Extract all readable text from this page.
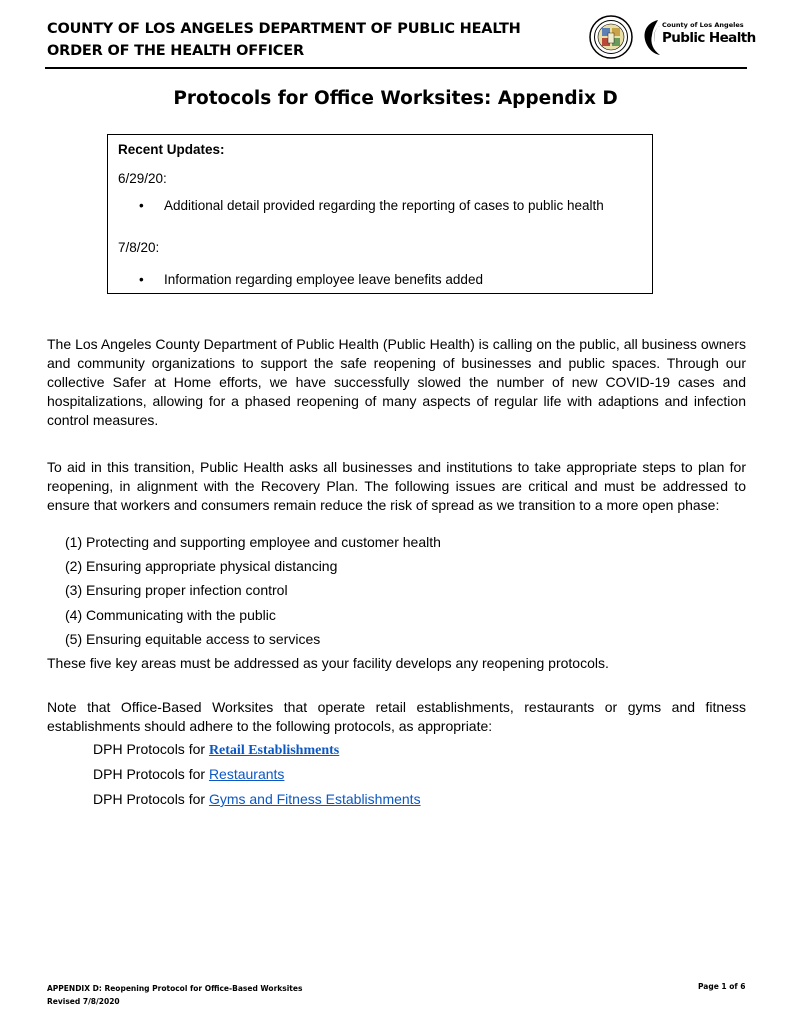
COUNTY OF LOS ANGELES DEPARTMENT OF PUBLIC HEALTH
ORDER OF THE HEALTH OFFICER
County of Los Angeles
Public Health
Protocols for Office Worksites: Appendix D
Recent Updates:
6/29/20:
• Additional detail provided regarding the reporting of cases to public health
7/8/20:
• Information regarding employee leave benefits added
The Los Angeles County Department of Public Health (Public Health) is calling on the public, all business owners and community organizations to support the safe reopening of businesses and public spaces. Through our collective Safer at Home efforts, we have successfully slowed the number of new COVID-19 cases and hospitalizations, allowing for a phased reopening of many aspects of regular life with adaptions and infection control measures.
To aid in this transition, Public Health asks all businesses and institutions to take appropriate steps to plan for reopening, in alignment with the Recovery Plan. The following issues are critical and must be addressed to ensure that workers and consumers remain reduce the risk of spread as we transition to a more open phase:
(1) Protecting and supporting employee and customer health
(2) Ensuring appropriate physical distancing
(3) Ensuring proper infection control
(4) Communicating with the public
(5) Ensuring equitable access to services
These five key areas must be addressed as your facility develops any reopening protocols.
Note that Office-Based Worksites that operate retail establishments, restaurants or gyms and fitness establishments should adhere to the following protocols, as appropriate:
DPH Protocols for Retail Establishments
DPH Protocols for Restaurants
DPH Protocols for Gyms and Fitness Establishments
APPENDIX D: Reopening Protocol for Office-Based Worksites
Revised 7/8/2020
Page 1 of 6
